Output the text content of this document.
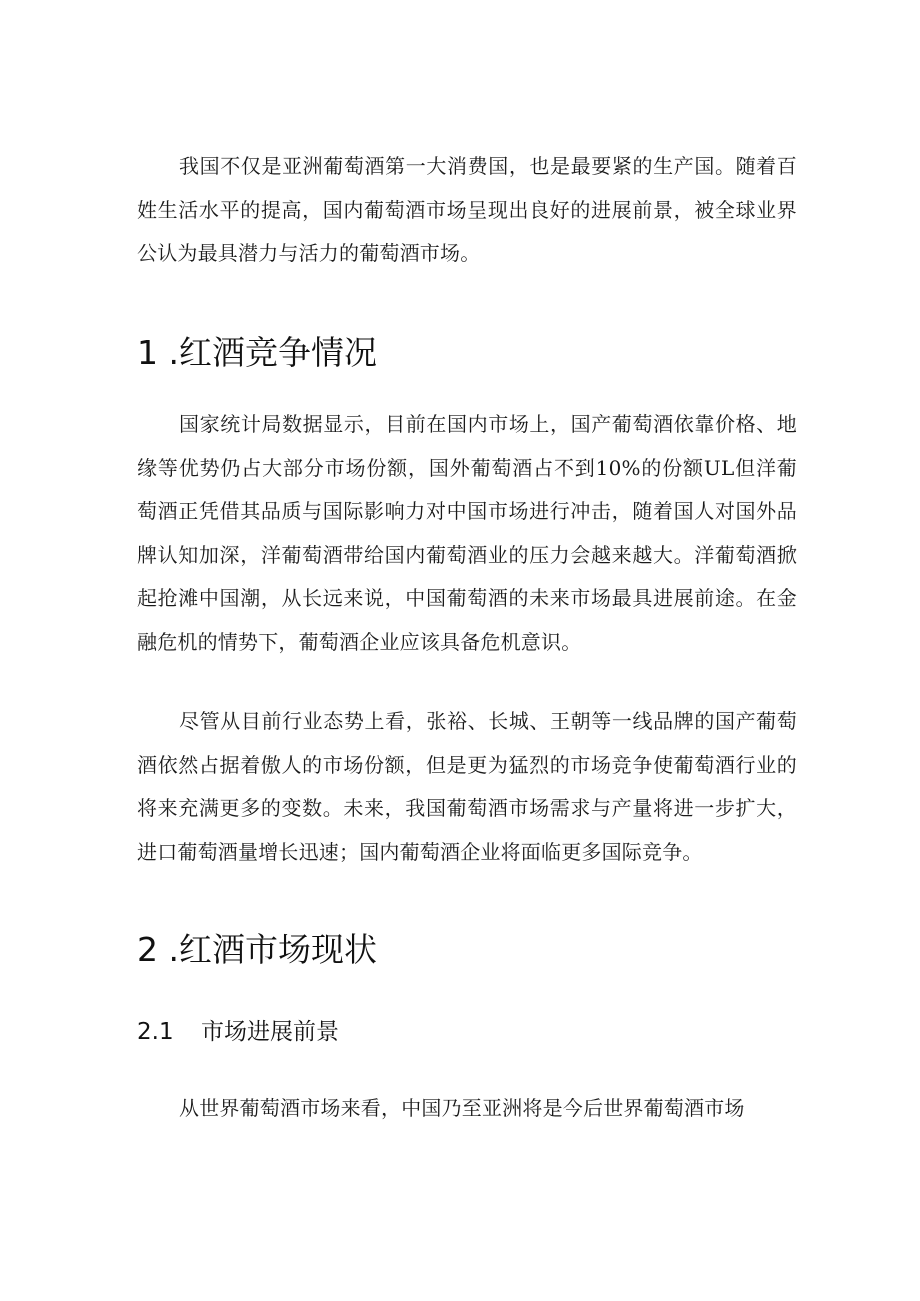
我国不仅是亚洲葡萄酒第一大消费国，也是最要紧的生产国。随着百姓生活水平的提高，国内葡萄酒市场呈现出良好的进展前景，被全球业界公认为最具潜力与活力的葡萄酒市场。

1 .红酒竞争情况

国家统计局数据显示，目前在国内市场上，国产葡萄酒依靠价格、地缘等优势仍占大部分市场份额，国外葡萄酒占不到10%的份额UL但洋葡萄酒正凭借其品质与国际影响力对中国市场进行冲击，随着国人对国外品牌认知加深，洋葡萄酒带给国内葡萄酒业的压力会越来越大。洋葡萄酒掀起抢滩中国潮，从长远来说，中国葡萄酒的未来市场最具进展前途。在金融危机的情势下，葡萄酒企业应该具备危机意识。

尽管从目前行业态势上看，张裕、长城、王朝等一线品牌的国产葡萄酒依然占据着傲人的市场份额，但是更为猛烈的市场竞争使葡萄酒行业的将来充满更多的变数。未来，我国葡萄酒市场需求与产量将进一步扩大，进口葡萄酒量增长迅速；国内葡萄酒企业将面临更多国际竞争。

2 .红酒市场现状
2.1	市场进展前景

从世界葡萄酒市场来看，中国乃至亚洲将是今后世界葡萄酒市场
